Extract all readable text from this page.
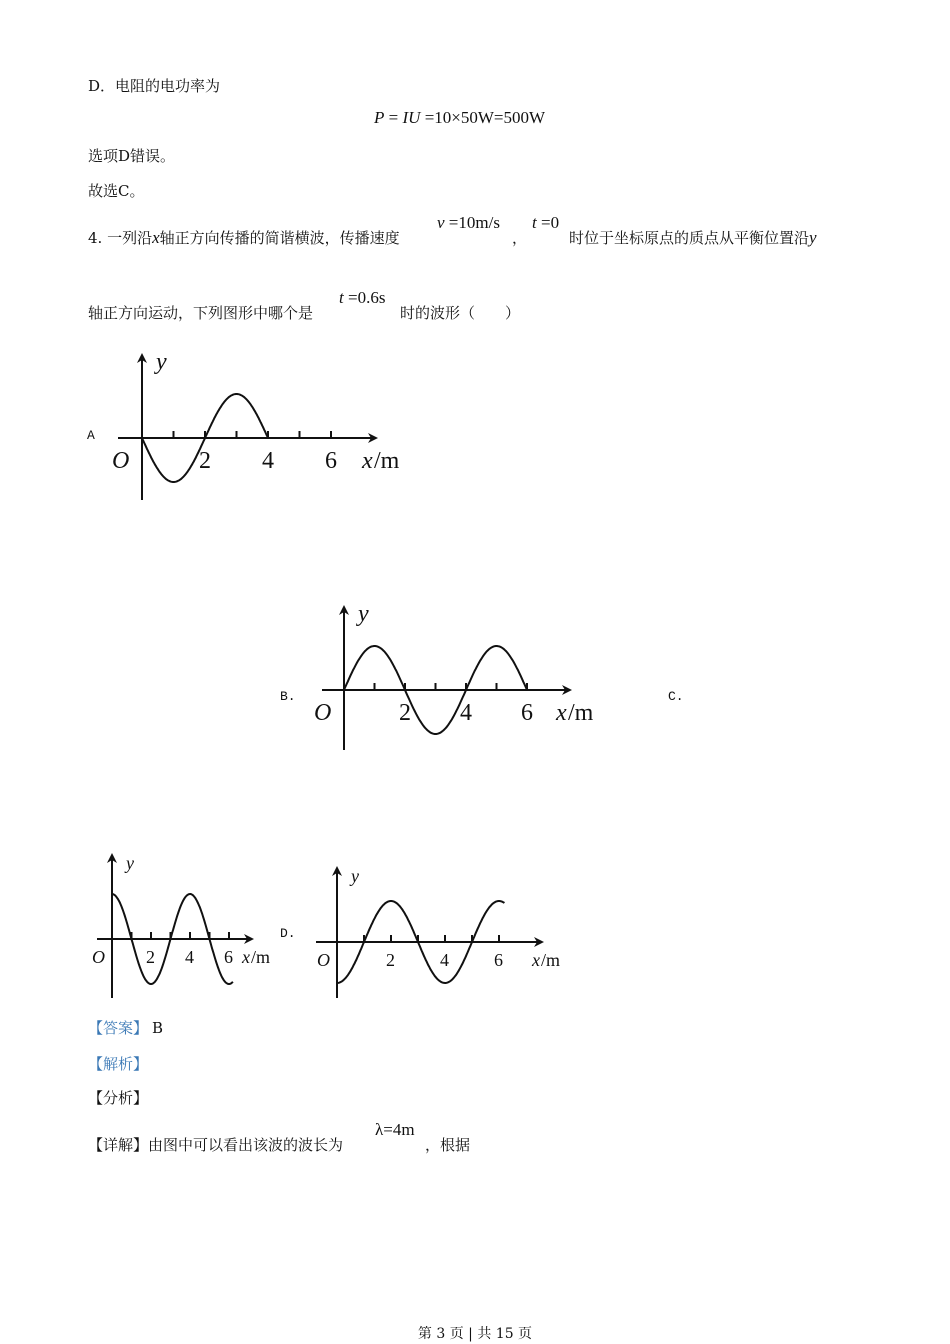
D．电阻的电功率为
P = IU =10×50W=500W
选项D错误。
故选C。
4. 一列沿x轴正方向传播的简谐横波，传播速度
v =10m/s
，
t =0
时位于坐标原点的质点从平衡位置沿y
轴正方向运动，下列图形中哪个是
t =0.6s
时的波形（　　）
A
B.	C.
D.
y
O	2 4 6 x /m
y
O	2 4 6 x /m
y
O 2 4 6 x /m
y
O	2	4	6 x /m
【答案】 B
【解析】
【分析】
【详解】由图中可以看出该波的波长为
λ=4m
，根据
第 3 页 | 共 15 页
